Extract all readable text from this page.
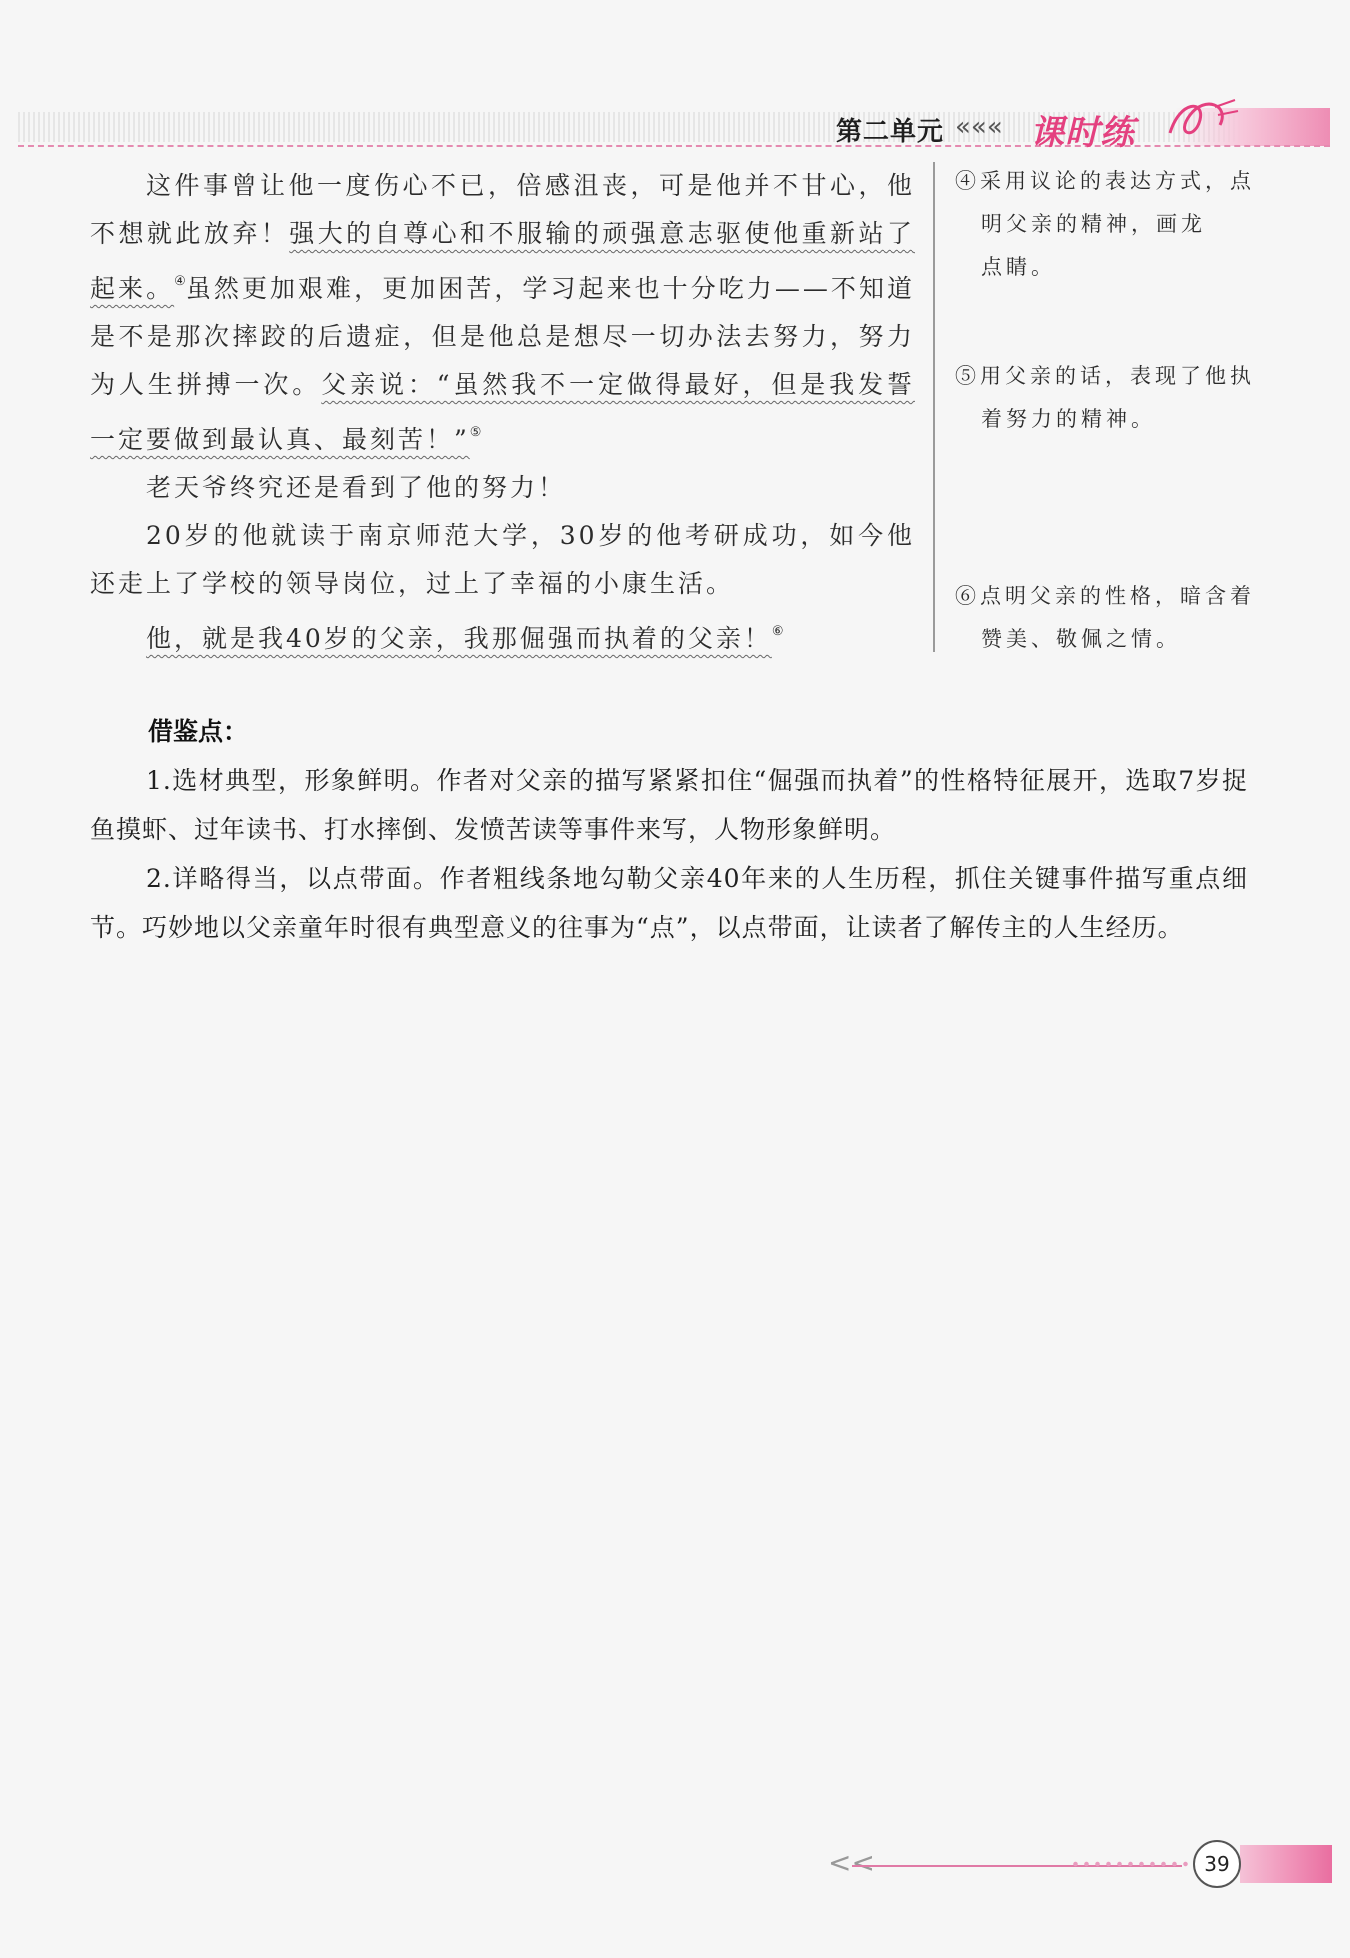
第二单元 ««« 课时练

这件事曾让他一度伤心不已，倍感沮丧，可是他并不甘心，他不想就此放弃！强大的自尊心和不服输的顽强意志驱使他重新站了起来。④虽然更加艰难，更加困苦，学习起来也十分吃力——不知道是不是那次摔跤的后遗症，但是他总是想尽一切办法去努力，努力为人生拼搏一次。父亲说：“虽然我不一定做得最好，但是我发誓一定要做到最认真、最刻苦！”⑤

老天爷终究还是看到了他的努力！

20岁的他就读于南京师范大学，30岁的他考研成功，如今他还走上了学校的领导岗位，过上了幸福的小康生活。

他，就是我40岁的父亲，我那倔强而执着的父亲！⑥

④采用议论的表达方式，点
明父亲的精神，画龙
点睛。
⑤用父亲的话，表现了他执
着努力的精神。
⑥点明父亲的性格，暗含着
赞美、敬佩之情。
借鉴点：

1.选材典型，形象鲜明。作者对父亲的描写紧紧扣住“倔强而执着”的性格特征展开，选取7岁捉鱼摸虾、过年读书、打水摔倒、发愤苦读等事件来写，人物形象鲜明。

2.详略得当，以点带面。作者粗线条地勾勒父亲40年来的人生历程，抓住关键事件描写重点细节。巧妙地以父亲童年时很有典型意义的往事为“点”，以点带面，让读者了解传主的人生经历。

<<	39
